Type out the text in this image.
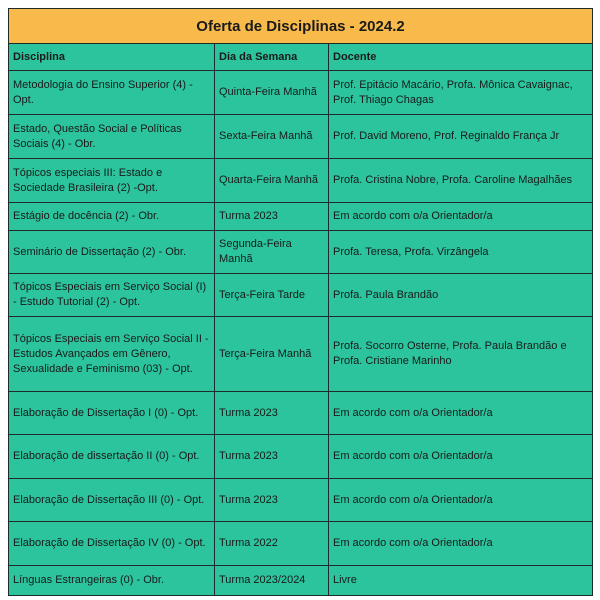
Oferta de Disciplinas - 2024.2		
Disciplina	Dia da Semana	Docente
Metodologia do Ensino Superior (4) - Opt.	Quinta-Feira Manhã	Prof. Epitácio Macário, Profa. Mônica Cavaignac, Prof. Thiago Chagas
Estado, Questão Social e Políticas Sociais (4) - Obr.	Sexta-Feira Manhã	Prof. David Moreno, Prof. Reginaldo França Jr
Tópicos especiais III: Estado e Sociedade Brasileira (2) -Opt.	Quarta-Feira Manhã	Profa. Cristina Nobre, Profa. Caroline Magalhães
Estágio de docência (2) - Obr.	Turma 2023	Em acordo com o/a Orientador/a
Seminário de Dissertação (2) - Obr.	Segunda-Feira Manhã	Profa. Teresa, Profa. Virzângela
Tópicos Especiais em Serviço Social (I) - Estudo Tutorial (2) - Opt.	Terça-Feira Tarde	Profa. Paula Brandão
Tópicos Especiais em Serviço Social II - Estudos Avançados em Gênero, Sexualidade e Feminismo (03) - Opt.	Terça-Feira Manhã	Profa. Socorro Osterne, Profa. Paula Brandão e Profa. Cristiane Marinho
Elaboração de Dissertação I (0) - Opt.	Turma 2023	Em acordo com o/a Orientador/a
Elaboração de dissertação II (0) - Opt.	Turma 2023	Em acordo com o/a Orientador/a
Elaboração de Dissertação III (0) - Opt.	Turma 2023	Em acordo com o/a Orientador/a
Elaboração de Dissertação IV (0) - Opt.	Turma 2022	Em acordo com o/a Orientador/a
Línguas Estrangeiras (0) - Obr.	Turma 2023/2024	Livre
